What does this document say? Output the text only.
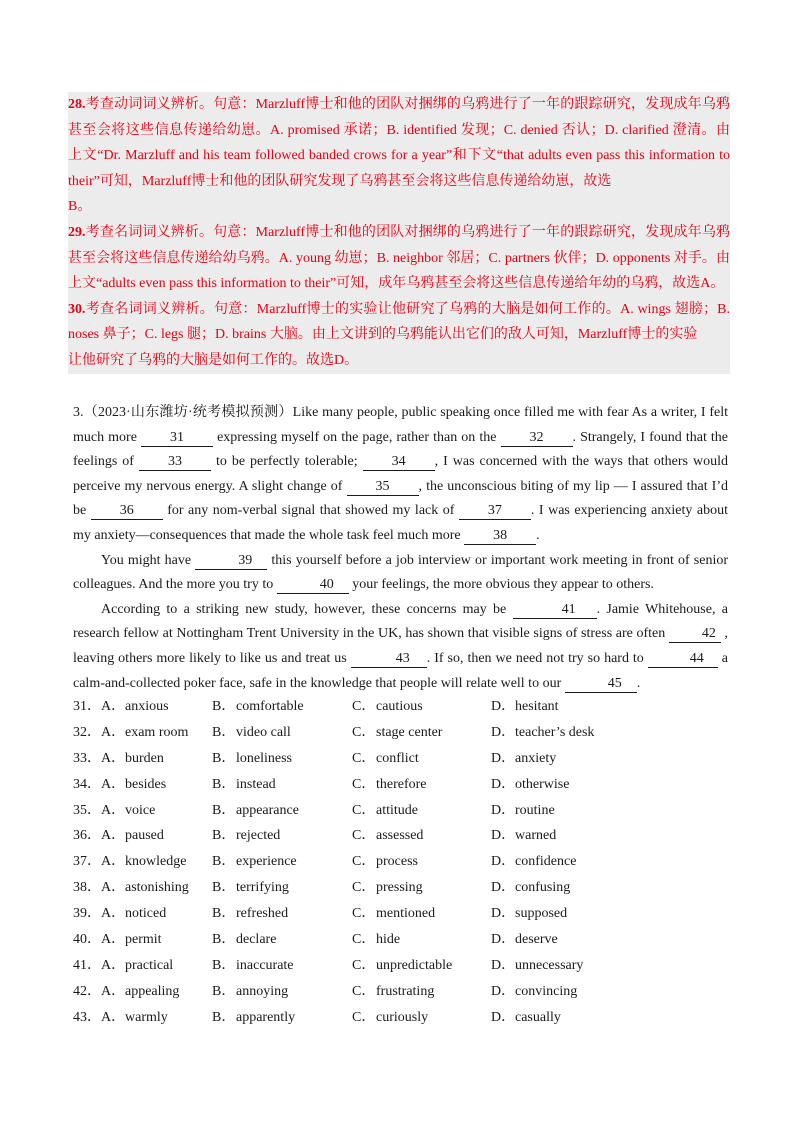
28.考查动词词义辨析。句意：Marzluff博士和他的团队对捆绑的乌鸦进行了一年的跟踪研究，发现成年乌鸦甚至会将这些信息传递给幼崽。A. promised 承诺；B. identified 发现；C. denied 否认；D. clarified 澄清。由上文“Dr. Marzluff and his team followed banded crows for a year”和下文“that adults even pass this information to their”可知，Marzluff博士和他的团队研究发现了乌鸦甚至会将这些信息传递给幼崽，故选
B。
29.考查名词词义辨析。句意：Marzluff博士和他的团队对捆绑的乌鸦进行了一年的跟踪研究，发现成年乌鸦甚至会将这些信息传递给幼乌鸦。A. young 幼崽；B. neighbor 邻居；C. partners 伙伴；D. opponents 对手。由上文“adults even pass this information to their”可知，成年乌鸦甚至会将这些信息传递给年幼的乌鸦，故选A。
30.考查名词词义辨析。句意：Marzluff博士的实验让他研究了乌鸦的大脑是如何工作的。A. wings 翅膀；B. noses 鼻子；C. legs 腿；D. brains 大脑。由上文讲到的乌鸦能认出它们的敌人可知，Marzluff博士的实验
让他研究了乌鸦的大脑是如何工作的。故选D。

3.（2023·山东潍坊·统考模拟预测）Like many people, public speaking once filled me with fear As a writer, I felt much more 31 expressing myself on the page, rather than on the 32 . Strangely, I found that the feelings of 33 to be perfectly tolerable; 34 , I was concerned with the ways that others would perceive my nervous energy. A slight change of 35 , the unconscious biting of my lip — I assured that I’d be 36 for any nom-verbal signal that showed my lack of 37 . I was experiencing anxiety about my anxiety—consequences that made the whole task feel much more 38 .

You might have	39 this yourself before a job interview or important work meeting in front of senior colleagues. And the more you try to	40 your feelings, the more obvious they appear to others.

According to a striking new study, however, these concerns may be	41 . Jamie Whitehouse, a research fellow at Nottingham Trent University in the UK, has shown that visible signs of stress are often 42 , leaving others more likely to like us and treat us	43 . If so, then we need not try so hard to	44 a calm-and-collected poker face, safe in the knowledge that people will relate well to our	45 .

31． A．anxious	B．comfortable	C．cautious	D．hesitant
32． A．exam room B．video call	C．stage center	D．teacher’s desk
33． A．burden	B．loneliness	C．conflict	D．anxiety
34． A．besides	B．instead	C．therefore	D．otherwise
35． A．voice	B．appearance	C．attitude	D．routine
36． A．paused	B．rejected	C．assessed	D．warned
37． A．knowledge B．experience	C．process	D．confidence
38． A．astonishing B．terrifying	C．pressing	D．confusing
39． A．noticed	B．refreshed	C．mentioned	D．supposed
40． A．permit	B．declare	C．hide	D．deserve
41． A．practical	B．inaccurate	C．unpredictable	D．unnecessary
42． A．appealing B．annoying	C．frustrating	D．convincing
43． A．warmly	B．apparently	C．curiously	D．casually
